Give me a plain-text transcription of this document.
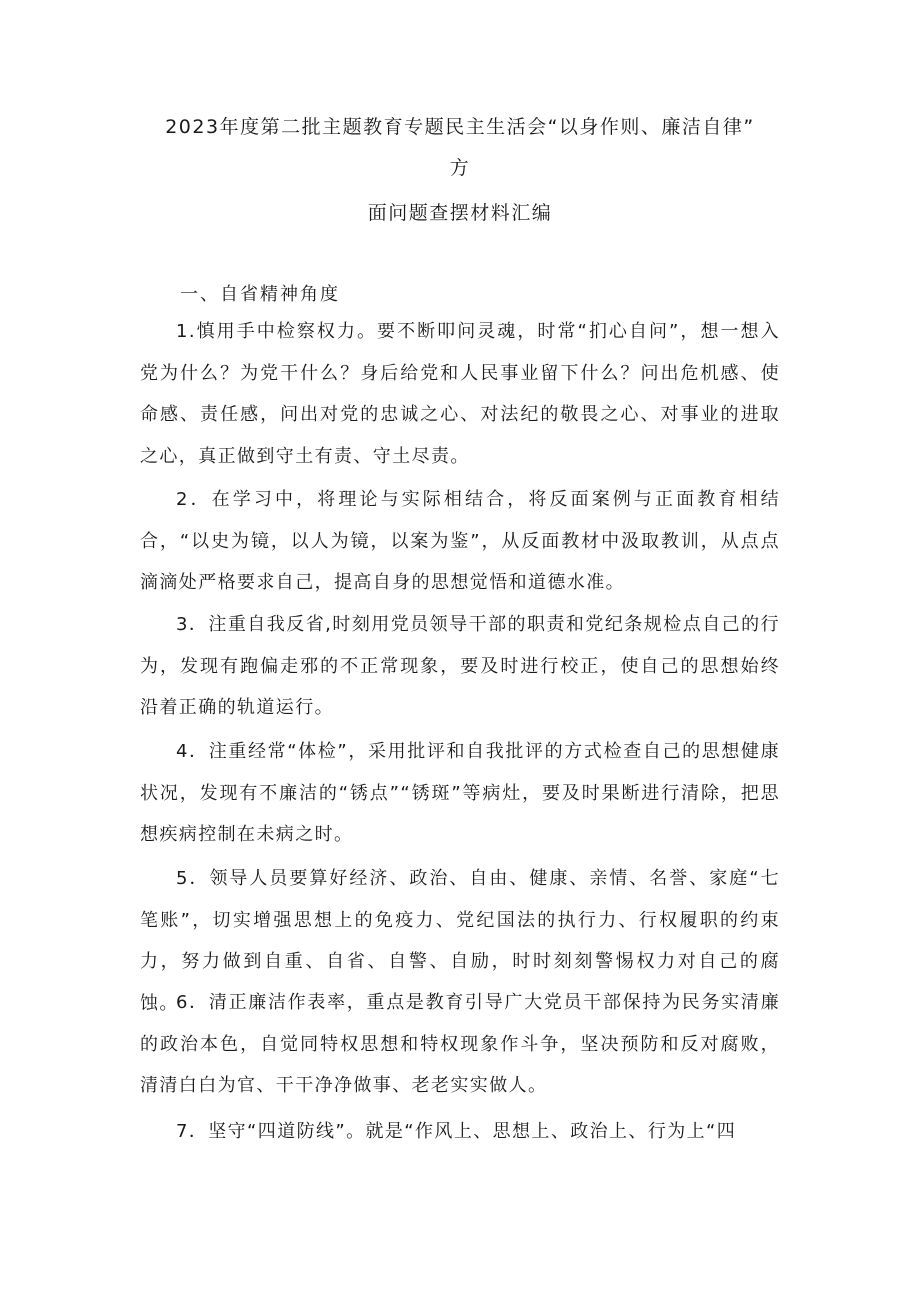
2023年度第二批主题教育专题民主生活会“以身作则、廉洁自律”
方
面问题查摆材料汇编
一、自省精神角度

1.慎用手中检察权力。要不断叩问灵魂，时常“扪心自问”，想一想入党为什么？为党干什么？身后给党和人民事业留下什么？问出危机感、使命感、责任感，问出对党的忠诚之心、对法纪的敬畏之心、对事业的进取之心，真正做到守土有责、守土尽责。

2．在学习中，将理论与实际相结合，将反面案例与正面教育相结合，“以史为镜，以人为镜，以案为鉴”，从反面教材中汲取教训，从点点滴滴处严格要求自己，提高自身的思想觉悟和道德水准。

3．注重自我反省,时刻用党员领导干部的职责和党纪条规检点自己的行为，发现有跑偏走邪的不正常现象，要及时进行校正，使自己的思想始终沿着正确的轨道运行。

4．注重经常“体检”，采用批评和自我批评的方式检查自己的思想健康状况，发现有不廉洁的“锈点”“锈斑”等病灶，要及时果断进行清除，把思想疾病控制在未病之时。

5．领导人员要算好经济、政治、自由、健康、亲情、名誉、家庭“七笔账”，切实增强思想上的免疫力、党纪国法的执行力、行权履职的约束力，努力做到自重、自省、自警、自励，时时刻刻警惕权力对自己的腐蚀。

6．清正廉洁作表率，重点是教育引导广大党员干部保持为民务实清廉的政治本色，自觉同特权思想和特权现象作斗争，坚决预防和反对腐败，清清白白为官、干干净净做事、老老实实做人。

7．坚守“四道防线”。就是“作风上、思想上、政治上、行为上“四
